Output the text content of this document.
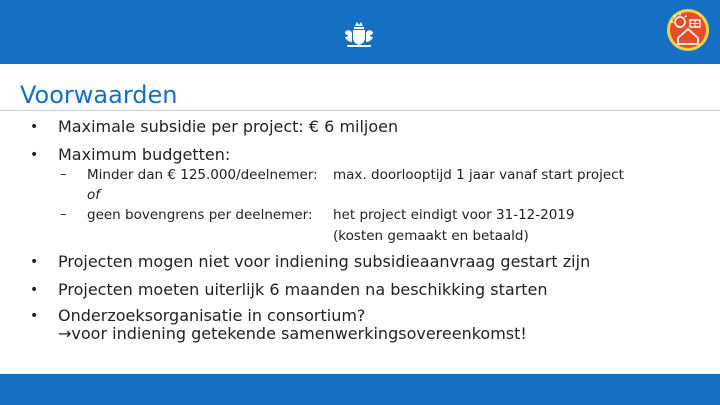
Voorwaarden
• Maximale subsidie per project: € 6 miljoen
• Maximum budgetten:
– Minder dan € 125.000/deelnemer: max. doorlooptijd 1 jaar vanaf start project
of
– geen bovengrens per deelnemer: het project eindigt voor 31-12-2019
(kosten gemaakt en betaald)
• Projecten mogen niet voor indiening subsidieaanvraag gestart zijn
• Projecten moeten uiterlijk 6 maanden na beschikking starten
• Onderzoeksorganisatie in consortium?
→voor indiening getekende samenwerkingsovereenkomst!
